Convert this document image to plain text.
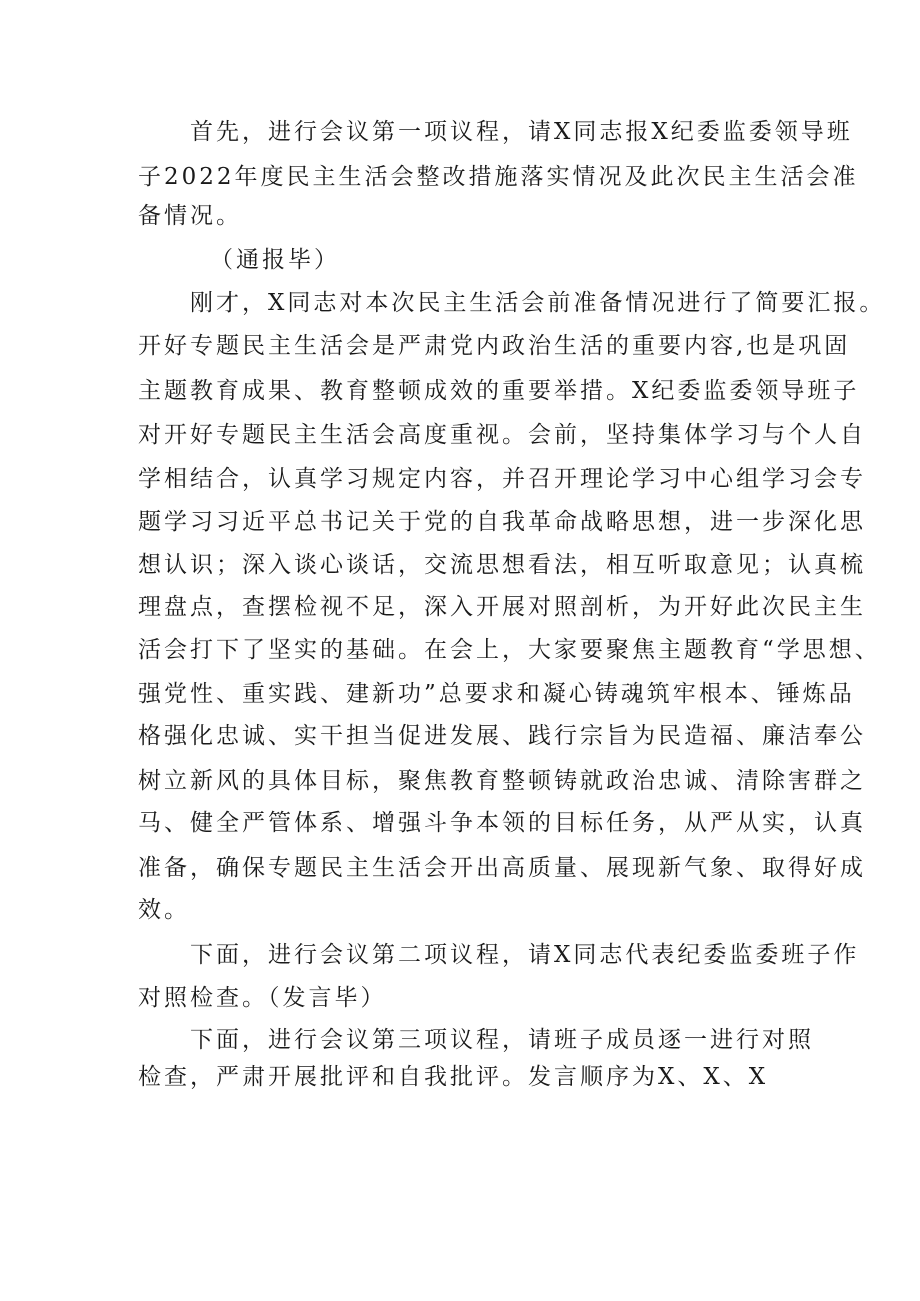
首先，进行会议第一项议程，请X同志报X纪委监委领导班
子2022年度民主生活会整改措施落实情况及此次民主生活会准
备情况。
（通报毕）
刚才，X同志对本次民主生活会前准备情况进行了简要汇报。
开好专题民主生活会是严肃党内政治生活的重要内容,也是巩固
主题教育成果、教育整顿成效的重要举措。X纪委监委领导班子
对开好专题民主生活会高度重视。会前，坚持集体学习与个人自
学相结合，认真学习规定内容，并召开理论学习中心组学习会专
题学习习近平总书记关于党的自我革命战略思想，进一步深化思
想认识；深入谈心谈话，交流思想看法，相互听取意见；认真梳
理盘点，查摆检视不足，深入开展对照剖析，为开好此次民主生
活会打下了坚实的基础。在会上，大家要聚焦主题教育“学思想、
强党性、重实践、建新功”总要求和凝心铸魂筑牢根本、锤炼品
格强化忠诚、实干担当促进发展、践行宗旨为民造福、廉洁奉公
树立新风的具体目标，聚焦教育整顿铸就政治忠诚、清除害群之
马、健全严管体系、增强斗争本领的目标任务，从严从实，认真
准备，确保专题民主生活会开出高质量、展现新气象、取得好成
效。
下面，进行会议第二项议程，请X同志代表纪委监委班子作
对照检查。（发言毕）
下面，进行会议第三项议程，请班子成员逐一进行对照
检查，严肃开展批评和自我批评。发言顺序为X、X、X
